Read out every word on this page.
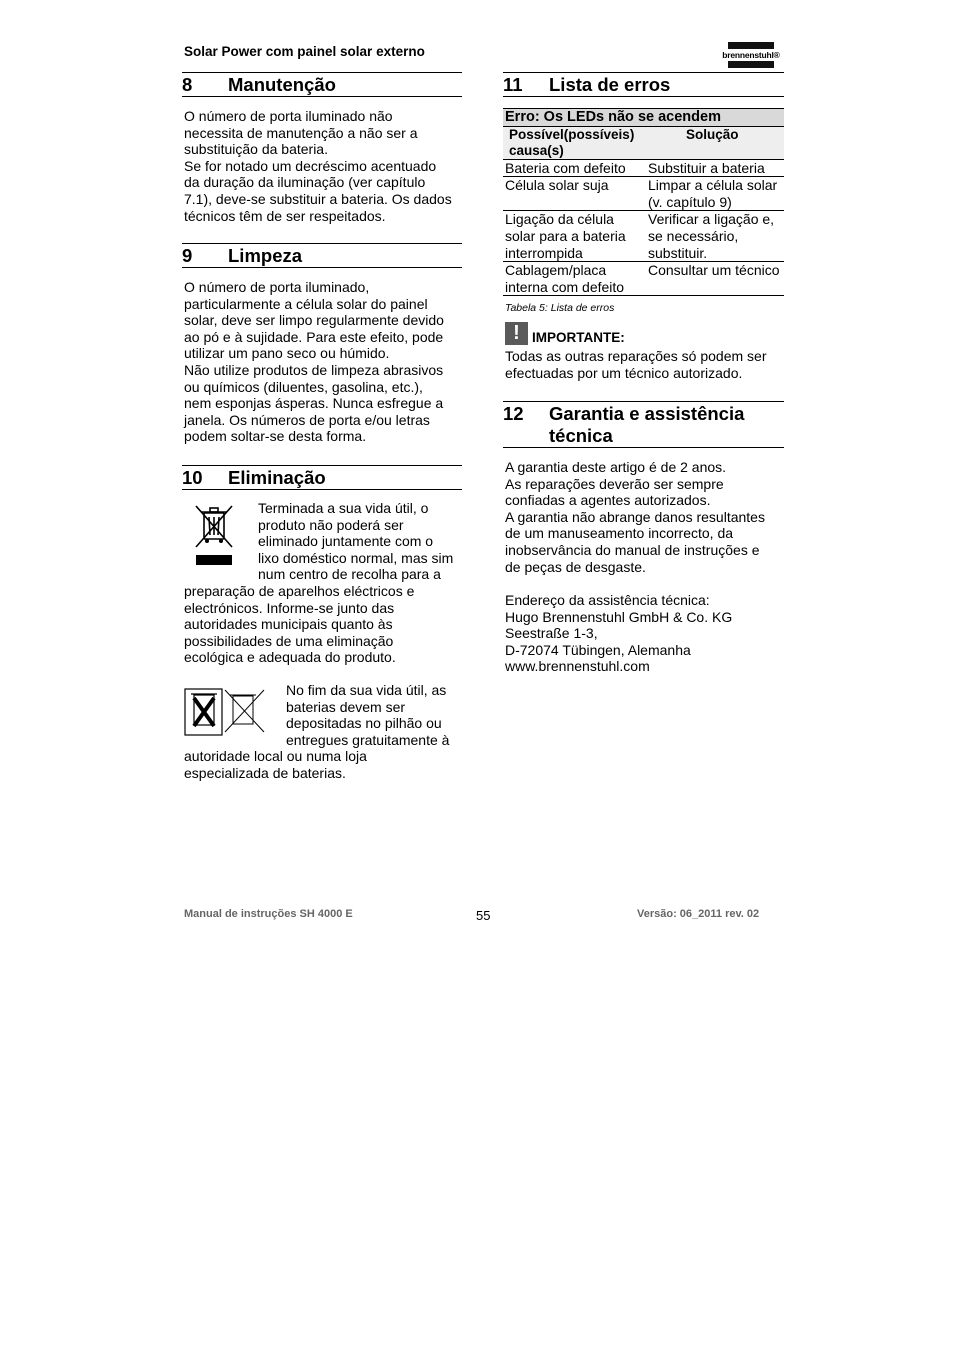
Solar Power com painel solar externo	brennenstuhl®
8 Manutenção

O número de porta iluminado não

necessita de manutenção a não ser a

substituição da bateria.

Se for notado um decréscimo acentuado

da duração da iluminação (ver capítulo

7.1), deve-se substituir a bateria. Os dados

técnicos têm de ser respeitados.

9 Limpeza

O número de porta iluminado,

particularmente a célula solar do painel

solar, deve ser limpo regularmente devido

ao pó e à sujidade. Para este efeito, pode

utilizar um pano seco ou húmido.

Não utilize produtos de limpeza abrasivos

ou químicos (diluentes, gasolina, etc.),

nem esponjas ásperas. Nunca esfregue a

janela. Os números de porta e/ou letras

podem soltar-se desta forma.

10 Eliminação

Terminada a sua vida útil, o

produto não poderá ser

eliminado juntamente com o

lixo doméstico normal, mas sim

num centro de recolha para a

preparação de aparelhos eléctricos e

electrónicos. Informe-se junto das

autoridades municipais quanto às

possibilidades de uma eliminação

ecológica e adequada do produto.

No fim da sua vida útil, as

baterias devem ser

depositadas no pilhão ou

entregues gratuitamente à

autoridade local ou numa loja

especializada de baterias.

11 Lista de erros
Erro: Os LEDs não se acendem	
Possível(possíveis) causa(s)	Solução
Bateria com defeito	Substituir a bateria
Célula solar suja	Limpar a célula solar (v. capítulo 9)
Ligação da célula solar para a bateria interrompida	Verificar a ligação e, se necessário, substituir.
Cablagem/placa interna com defeito	Consultar um técnico
Tabela 5: Lista de erros
! IMPORTANTE:

Todas as outras reparações só podem ser

efectuadas por um técnico autorizado.

12	Garantia e assistência técnica

A garantia deste artigo é de 2 anos.

As reparações deverão ser sempre

confiadas a agentes autorizados.

A garantia não abrange danos resultantes

de um manuseamento incorrecto, da

inobservância do manual de instruções e

de peças de desgaste.

Endereço da assistência técnica:

Hugo Brennenstuhl GmbH & Co. KG

Seestraße 1-3,

D-72074 Tübingen, Alemanha

www.brennenstuhl.com

Manual de instruções SH 4000 E	55	Versão: 06_2011 rev. 02
